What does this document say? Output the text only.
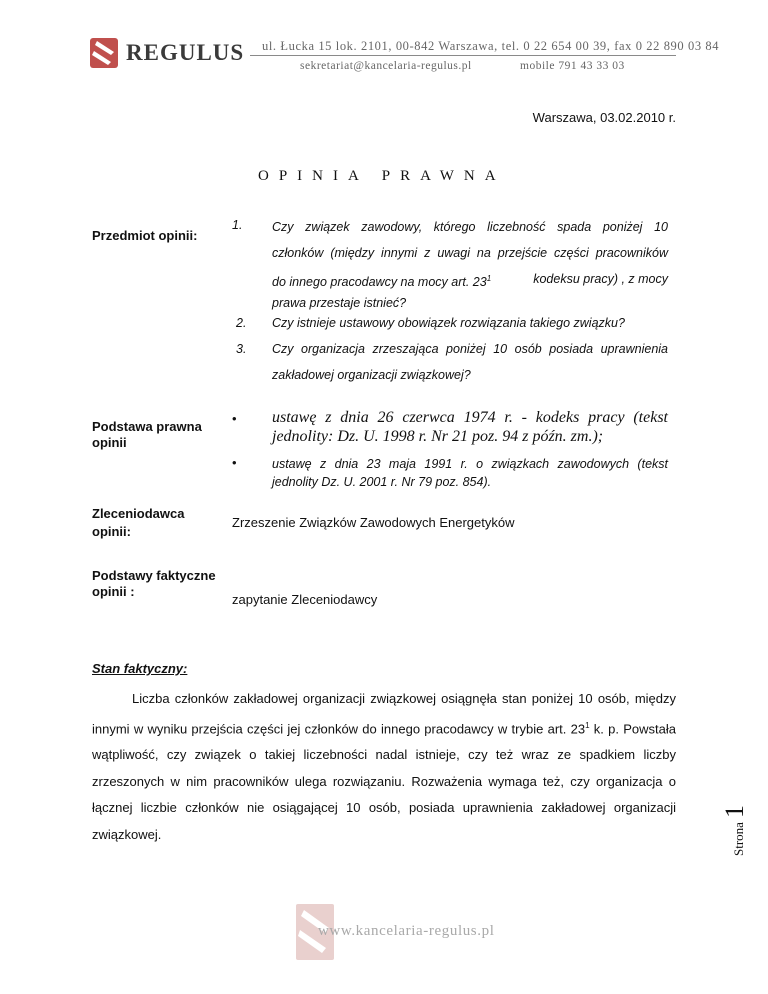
REGULUS ul. Łucka 15 lok. 2101, 00-842 Warszawa, tel. 0 22 654 00 39, fax 0 22 890 03 84
sekretariat@kancelaria-regulus.pl	mobile 791 43 33 03
Warszawa, 03.02.2010 r.
OPINIA PRAWNA
Przedmiot opinii:
1. Czy związek zawodowy, którego liczebność spada poniżej 10
członków (między innymi z uwagi na przejście części pracowników
do innego pracodawcy na mocy art. $23^1$	kodeksu pracy) , z mocy
prawa przestaje istnieć?
2. Czy istnieje ustawowy obowiązek rozwiązania takiego związku?
3. Czy organizacja zrzeszająca poniżej 10 osób posiada uprawnienia
zakładowej organizacji związkowej?
Podstawa prawna
opinii
• ustawę z dnia 26 czerwca 1974 r. - kodeks pracy (tekst
jednolity: Dz. U. 1998 r. Nr 21 poz. 94 z późn. zm.);
•	ustawę z dnia 23 maja 1991 r. o związkach zawodowych (tekst
jednolity Dz. U. 2001 r. Nr 79 poz. 854).
Zleceniodawca
opinii:
Zrzeszenie Związków Zawodowych Energetyków
Podstawy faktyczne
opinii :
zapytanie Zleceniodawcy
Stan faktyczny:
Liczba członków zakładowej organizacji związkowej osiągnęła stan poniżej 10 osób, między innymi w wyniku przejścia części jej członków do innego pracodawcy w trybie art. $23^1$ k. p. Powstała wątpliwość, czy związek o takiej liczebności nadal istnieje, czy też wraz ze spadkiem liczby zrzeszonych w nim pracowników ulega rozwiązaniu. Rozważenia wymaga też, czy organizacja o łącznej liczbie członków nie osiągającej 10 osób, posiada uprawnienia zakładowej organizacji związkowej.	Strona1
www.kancelaria-regulus.pl
